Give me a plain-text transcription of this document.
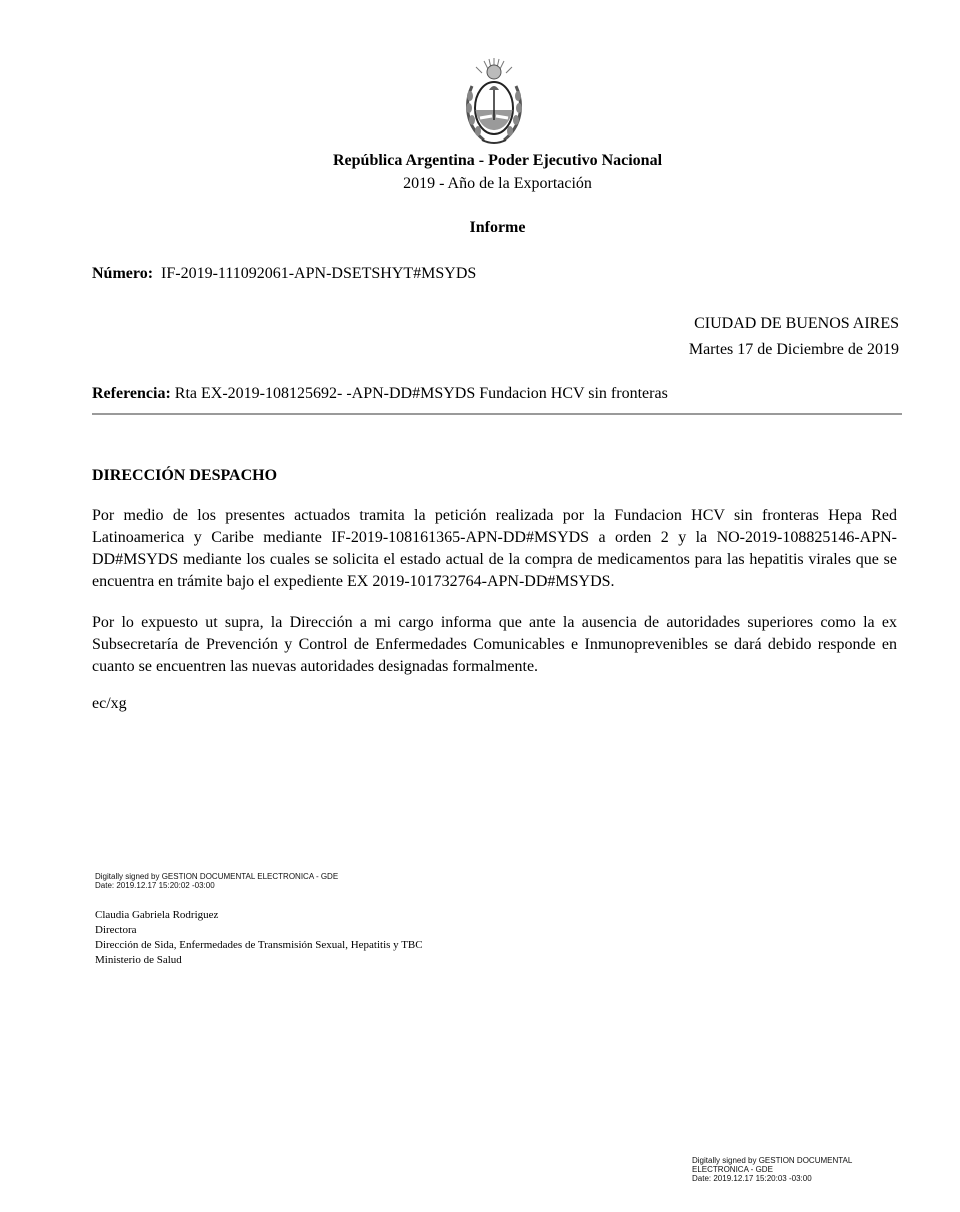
República Argentina - Poder Ejecutivo Nacional
2019 - Año de la Exportación
Informe
Número: IF-2019-111092061-APN-DSETSHYT#MSYDS
CIUDAD DE BUENOS AIRES
Martes 17 de Diciembre de 2019
Referencia: Rta EX-2019-108125692- -APN-DD#MSYDS Fundacion HCV sin fronteras
DIRECCIÓN DESPACHO
Por medio de los presentes actuados tramita la petición realizada por la Fundacion HCV sin fronteras Hepa Red Latinoamerica y Caribe mediante IF-2019-108161365-APN-DD#MSYDS a orden 2 y la NO-2019-108825146-APN-DD#MSYDS mediante los cuales se solicita el estado actual de la compra de medicamentos para las hepatitis virales que se encuentra en trámite bajo el expediente EX 2019-101732764-APN-DD#MSYDS.
Por lo expuesto ut supra, la Dirección a mi cargo informa que ante la ausencia de autoridades superiores como la ex Subsecretaría de Prevención y Control de Enfermedades Comunicables e Inmunoprevenibles se dará debido responde en cuanto se encuentren las nuevas autoridades designadas formalmente.
ec/xg
Digitally signed by GESTION DOCUMENTAL ELECTRONICA - GDE
Date: 2019.12.17 15:20:02 -03:00
Claudia Gabriela Rodriguez
Directora
Dirección de Sida, Enfermedades de Transmisión Sexual, Hepatitis y TBC
Ministerio de Salud
Digitally signed by GESTION DOCUMENTAL
ELECTRONICA - GDE
Date: 2019.12.17 15:20:03 -03:00
